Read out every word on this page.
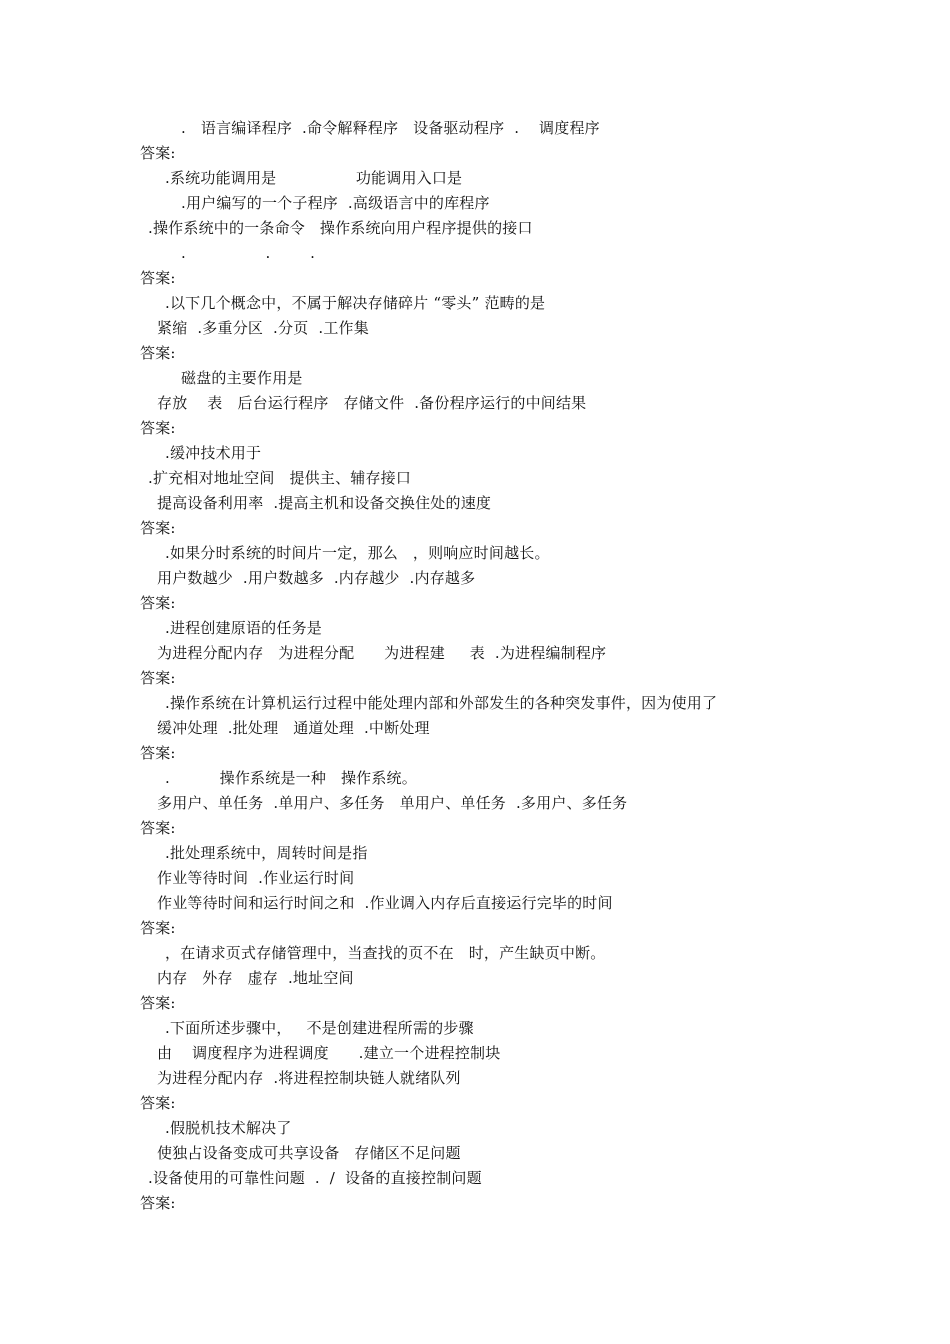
.   语言编译程序  .命令解释程序   设备驱动程序  .    调度程序
答案:
.系统功能调用是                功能调用入口是
.用户编写的一个子程序  .高级语言中的库程序
.操作系统中的一条命令   操作系统向用户程序提供的接口
.                .        .
答案:
.以下几个概念中，不属于解决存储碎片 “零头” 范畴的是
紧缩  .多重分区  .分页  .工作集
答案:
磁盘的主要作用是
存放    表   后台运行程序   存储文件  .备份程序运行的中间结果
答案:
.缓冲技术用于
.扩充相对地址空间   提供主、辅存接口
提高设备利用率  .提高主机和设备交换住处的速度
答案:
.如果分时系统的时间片一定，那么   ，则响应时间越长。
用户数越少  .用户数越多  .内存越少  .内存越多
答案:
.进程创建原语的任务是
为进程分配内存   为进程分配      为进程建     表  .为进程编制程序
答案:
.操作系统在计算机运行过程中能处理内部和外部发生的各种突发事件，因为使用了
缓冲处理  .批处理   通道处理  .中断处理
答案:
.          操作系统是一种   操作系统。
多用户、单任务  .单用户、多任务   单用户、单任务  .多用户、多任务
答案:
.批处理系统中，周转时间是指
作业等待时间  .作业运行时间
作业等待时间和运行时间之和  .作业调入内存后直接运行完毕的时间
答案:
，在请求页式存储管理中，当查找的页不在   时，产生缺页中断。
内存   外存   虚存  .地址空间
答案:
.下面所述步骤中，   不是创建进程所需的步骤
由    调度程序为进程调度      .建立一个进程控制块
为进程分配内存  .将进程控制块链人就绪队列
答案:
.假脱机技术解决了
使独占设备变成可共享设备   存储区不足问题
.设备使用的可靠性问题  .  /  设备的直接控制问题
答案:
